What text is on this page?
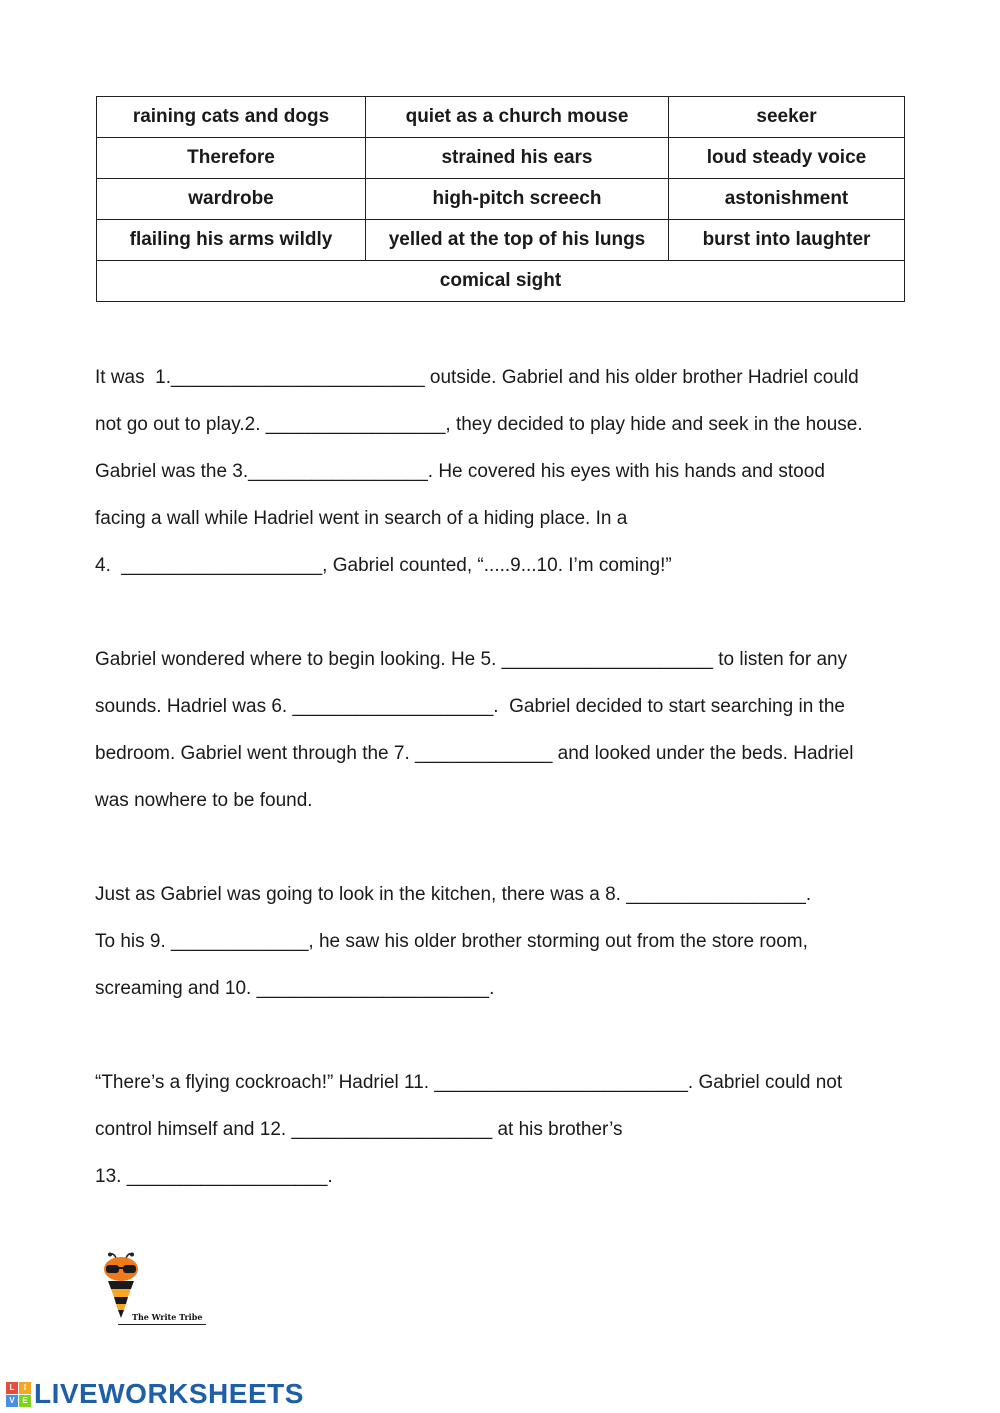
raining cats and dogs	quiet as a church mouse	seeker
Therefore	strained his ears	loud steady voice
wardrobe	high-pitch screech	astonishment
flailing his arms wildly	yelled at the top of his lungs	burst into laughter
comical sight		
It was  1.________________________ outside. Gabriel and his older brother Hadriel could
not go out to play.2. _________________, they decided to play hide and seek in the house.
Gabriel was the 3._________________. He covered his eyes with his hands and stood
facing a wall while Hadriel went in search of a hiding place. In a
4.  ___________________, Gabriel counted, “.....9...10. I’m coming!”
Gabriel wondered where to begin looking. He 5. ____________________ to listen for any
sounds. Hadriel was 6. ___________________.  Gabriel decided to start searching in the
bedroom. Gabriel went through the 7. _____________ and looked under the beds. Hadriel
was nowhere to be found.
Just as Gabriel was going to look in the kitchen, there was a 8. _________________.
To his 9. _____________, he saw his older brother storming out from the store room,
screaming and 10. ______________________.
“There’s a flying cockroach!” Hadriel 11. ________________________. Gabriel could not
control himself and 12. ___________________ at his brother’s
13. ___________________.
The Write Tribe
L	I
V E LIVEWORKSHEETS
